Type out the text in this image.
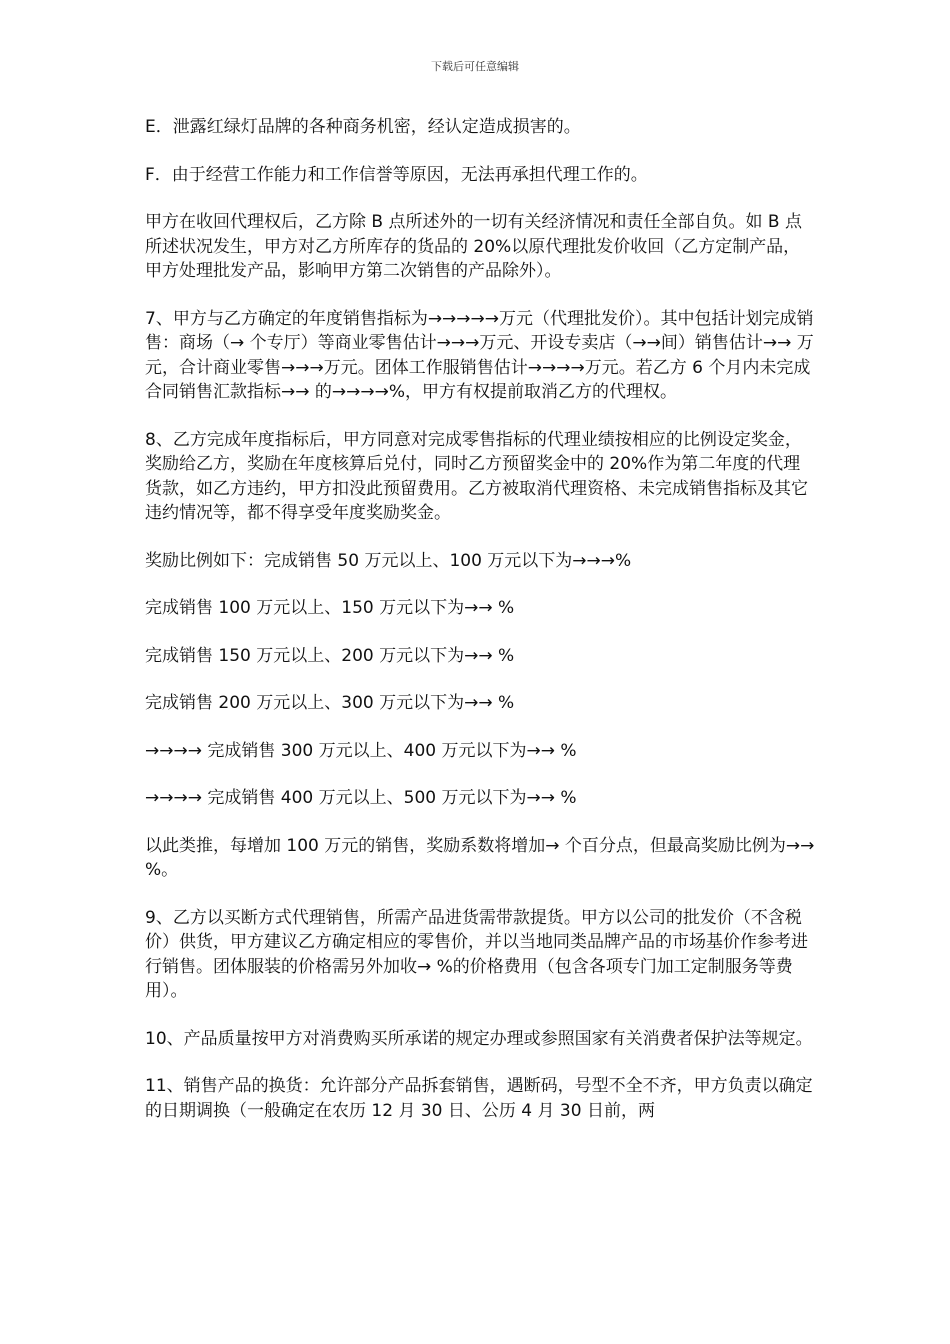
下载后可任意编辑

E．泄露红绿灯品牌的各种商务机密，经认定造成损害的。

F．由于经营工作能力和工作信誉等原因，无法再承担代理工作的。

甲方在收回代理权后，乙方除 B 点所述外的一切有关经济情况和责任全部自负。如 B 点所述状况发生，甲方对乙方所库存的货品的 20%以原代理批发价收回（乙方定制产品，甲方处理批发产品，影响甲方第二次销售的产品除外）。

7、甲方与乙方确定的年度销售指标为→→→→→万元（代理批发价）。其中包括计划完成销售：商场（→ 个专厅）等商业零售估计→→→万元、开设专卖店（→→间）销售估计→→ 万元，合计商业零售→→→万元。团体工作服销售估计→→→→万元。若乙方 6 个月内未完成合同销售汇款指标→→ 的→→→→%，甲方有权提前取消乙方的代理权。

8、乙方完成年度指标后，甲方同意对完成零售指标的代理业绩按相应的比例设定奖金，奖励给乙方，奖励在年度核算后兑付，同时乙方预留奖金中的 20%作为第二年度的代理货款，如乙方违约，甲方扣没此预留费用。乙方被取消代理资格、未完成销售指标及其它违约情况等，都不得享受年度奖励奖金。

奖励比例如下：完成销售 50 万元以上、100 万元以下为→→→%

完成销售 100 万元以上、150 万元以下为→→ %

完成销售 150 万元以上、200 万元以下为→→ %

完成销售 200 万元以上、300 万元以下为→→ %

→→→→ 完成销售 300 万元以上、400 万元以下为→→ %

→→→→ 完成销售 400 万元以上、500 万元以下为→→ %

以此类推，每增加 100 万元的销售，奖励系数将增加→ 个百分点，但最高奖励比例为→→ %。

9、乙方以买断方式代理销售，所需产品进货需带款提货。甲方以公司的批发价（不含税价）供货，甲方建议乙方确定相应的零售价，并以当地同类品牌产品的市场基价作参考进行销售。团体服装的价格需另外加收→ %的价格费用（包含各项专门加工定制服务等费用）。

10、产品质量按甲方对消费购买所承诺的规定办理或参照国家有关消费者保护法等规定。

11、销售产品的换货：允许部分产品拆套销售，遇断码，号型不全不齐，甲方负责以确定的日期调换（一般确定在农历 12 月 30 日、公历 4 月 30 日前，两
